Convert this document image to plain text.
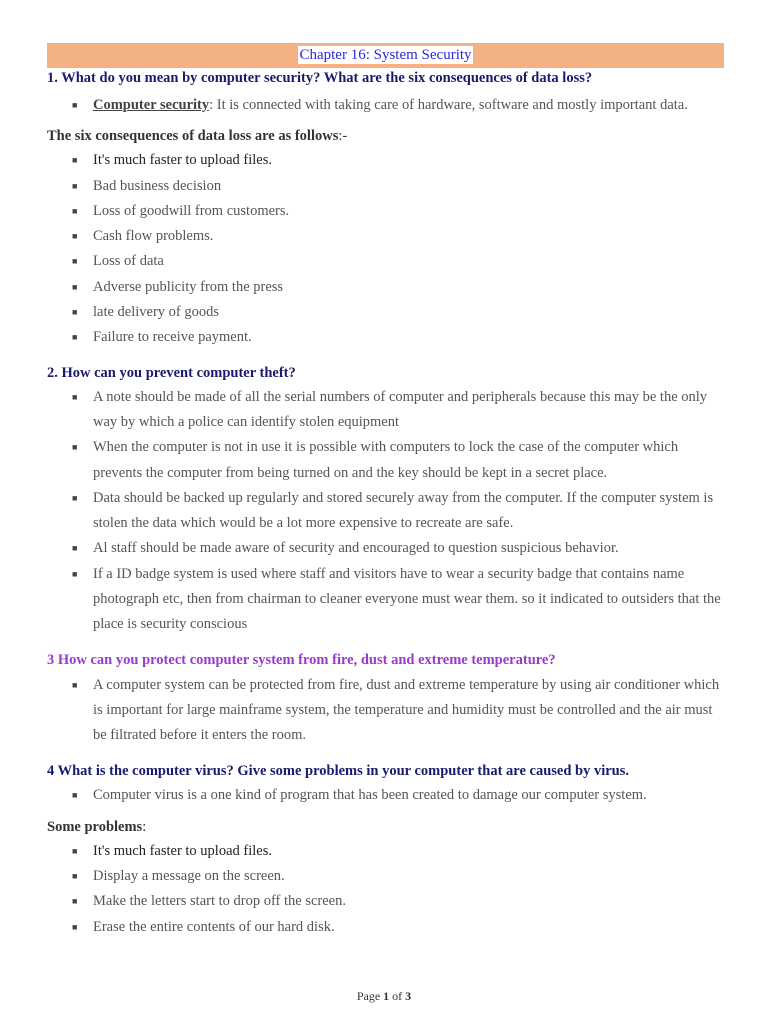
Chapter 16: System Security

1. What do you mean by computer security? What are the six consequences of data loss?

■ Computer security: It is connected with taking care of hardware, software and mostly important data.

The six consequences of data loss are as follows:-

■ It's much faster to upload files.
■ Bad business decision
■ Loss of goodwill from customers.
■ Cash flow problems.
■ Loss of data
■ Adverse publicity from the press
■ late delivery of goods
■ Failure to receive payment.

2. How can you prevent computer theft?

■ A note should be made of all the serial numbers of computer and peripherals because this may be the only way by which a police can identify stolen equipment
■ When the computer is not in use it is possible with computers to lock the case of the computer which prevents the computer from being turned on and the key should be kept in a secret place.
■ Data should be backed up regularly and stored securely away from the computer. If the computer system is stolen the data which would be a lot more expensive to recreate are safe.
■ Al staff should be made aware of security and encouraged to question suspicious behavior.
■ If a ID badge system is used where staff and visitors have to wear a security badge that contains name photograph etc, then from chairman to cleaner everyone must wear them. so it indicated to outsiders that the place is security conscious

3 How can you protect computer system from fire, dust and extreme temperature?

■ A computer system can be protected from fire, dust and extreme temperature by using air conditioner which is important for large mainframe system, the temperature and humidity must be controlled and the air must be filtrated before it enters the room.

4 What is the computer virus? Give some problems in your computer that are caused by virus.

■ Computer virus is a one kind of program that has been created to damage our computer system.

Some problems:

■ It's much faster to upload files.
■ Display a message on the screen.
■ Make the letters start to drop off the screen.
■ Erase the entire contents of our hard disk.
Page 1 of 3
